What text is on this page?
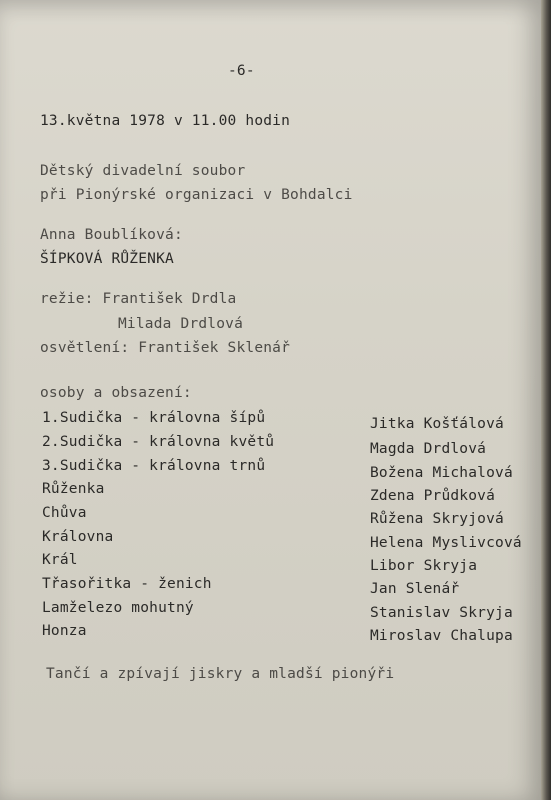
-6-
13.května 1978 v 11.00 hodin
Dětský divadelní soubor
při Pionýrské organizaci v Bohdalci
Anna Boublíková:
ŠÍPKOVÁ RŮŽENKA
režie: František Drdla
Milada Drdlová
osvětlení: František Sklenář
osoby a obsazení:
1.Sudička - královna šípů	Jitka Košťálová
2.Sudička - královna květů	Magda Drdlová
3.Sudička - královna trnů	Božena Michalová
Růženka	Zdena Průdková
Chůva	Růžena Skryjová
Královna	Helena Myslivcová
Král	Libor Skryja
Třasořitka - ženich	Jan Slenář
Lamželezo mohutný	Stanislav Skryja
Honza	Miroslav Chalupa
Tančí a zpívají jiskry a mladší pionýři
